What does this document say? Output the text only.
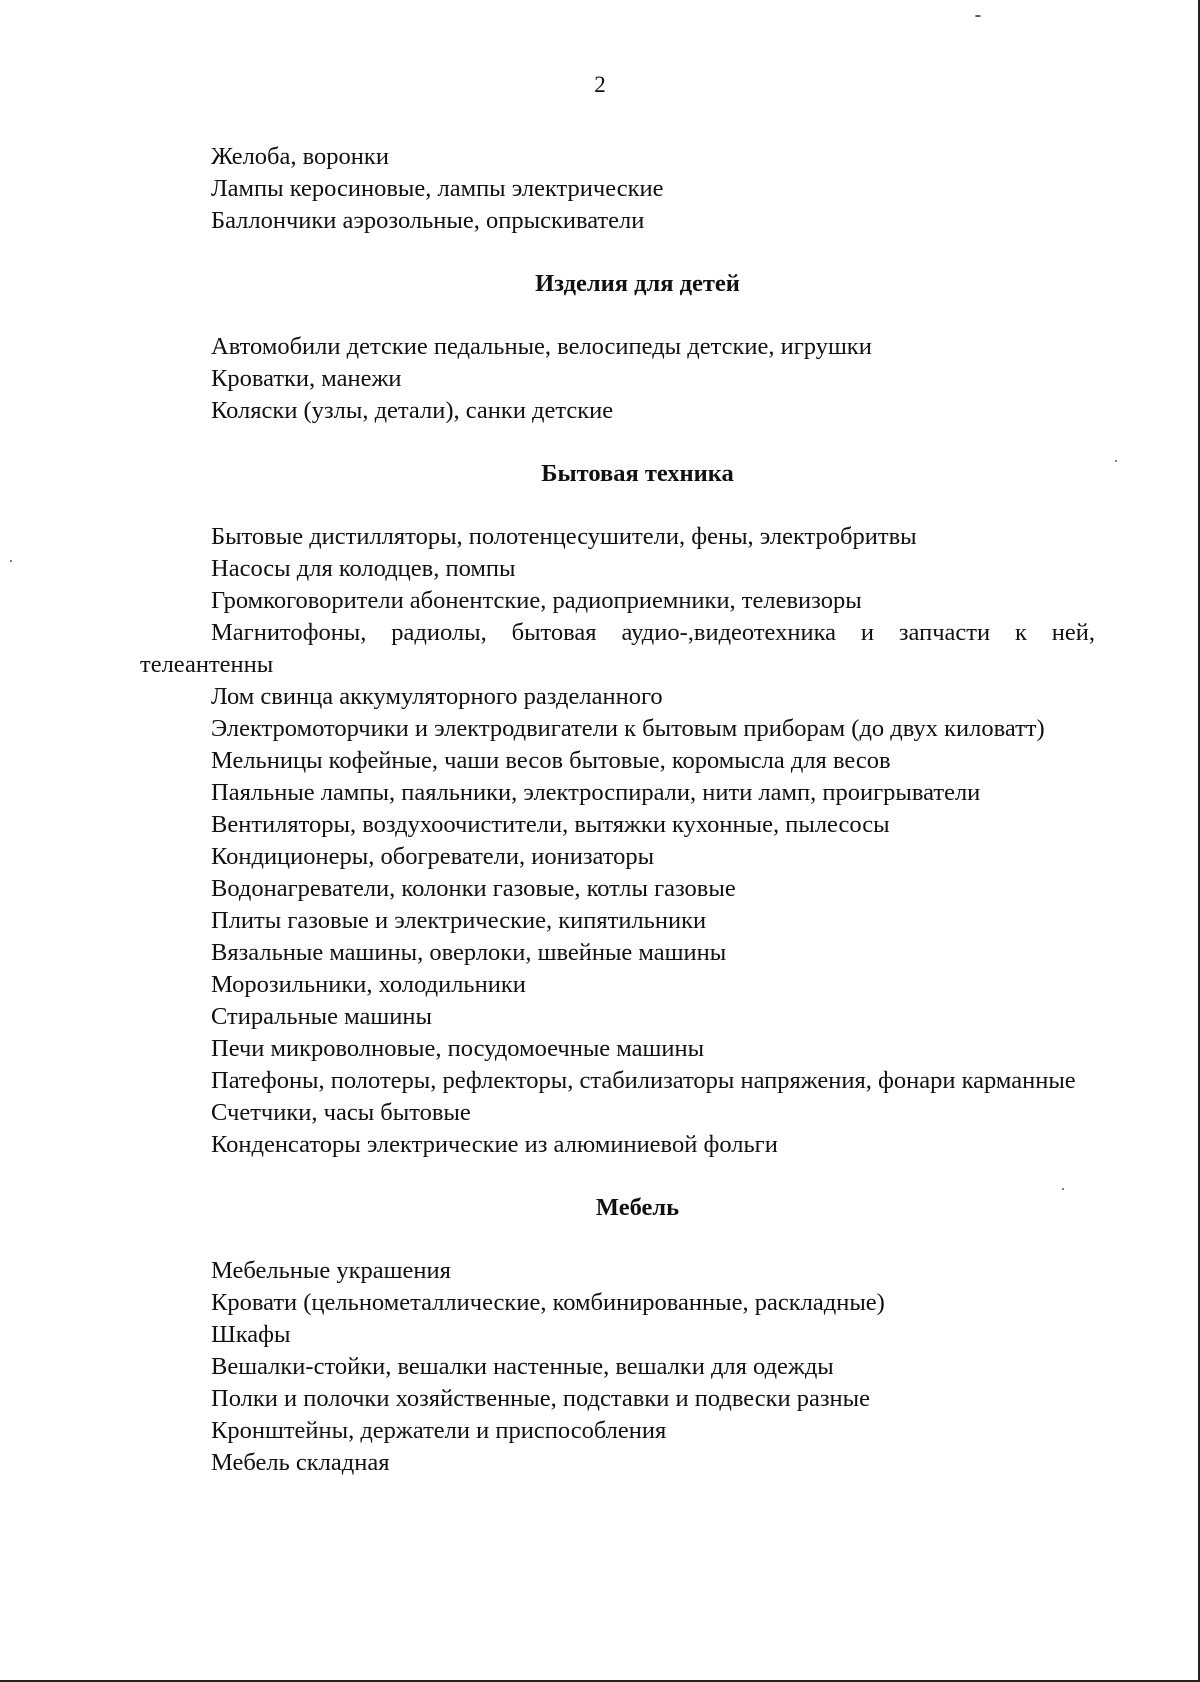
2

Желоба, воронки

Лампы керосиновые, лампы электрические

Баллончики аэрозольные, опрыскиватели

Изделия для детей

Автомобили детские педальные, велосипеды детские, игрушки

Кроватки, манежи

Коляски (узлы, детали), санки детские

Бытовая техника

Бытовые дистилляторы, полотенцесушители, фены, электробритвы

Насосы для колодцев, помпы

Громкоговорители абонентские, радиоприемники, телевизоры

Магнитофоны, радиолы, бытовая аудио-,видеотехника и запчасти к ней, телеантенны

Лом свинца аккумуляторного разделанного

Электромоторчики и электродвигатели к бытовым приборам (до двух киловатт)

Мельницы кофейные, чаши весов бытовые, коромысла для весов

Паяльные лампы, паяльники, электроспирали, нити ламп, проигрыватели

Вентиляторы, воздухоочистители, вытяжки кухонные, пылесосы

Кондиционеры, обогреватели, ионизаторы

Водонагреватели, колонки газовые, котлы газовые

Плиты газовые и электрические, кипятильники

Вязальные машины, оверлоки, швейные машины

Морозильники, холодильники

Стиральные машины

Печи микроволновые, посудомоечные машины

Патефоны, полотеры, рефлекторы, стабилизаторы напряжения, фонари карманные

Счетчики, часы бытовые

Конденсаторы электрические из алюминиевой фольги

Мебель

Мебельные украшения

Кровати (цельнометаллические, комбинированные, раскладные)

Шкафы

Вешалки-стойки, вешалки настенные, вешалки для одежды

Полки и полочки хозяйственные, подставки и подвески разные

Кронштейны, держатели и приспособления

Мебель складная
